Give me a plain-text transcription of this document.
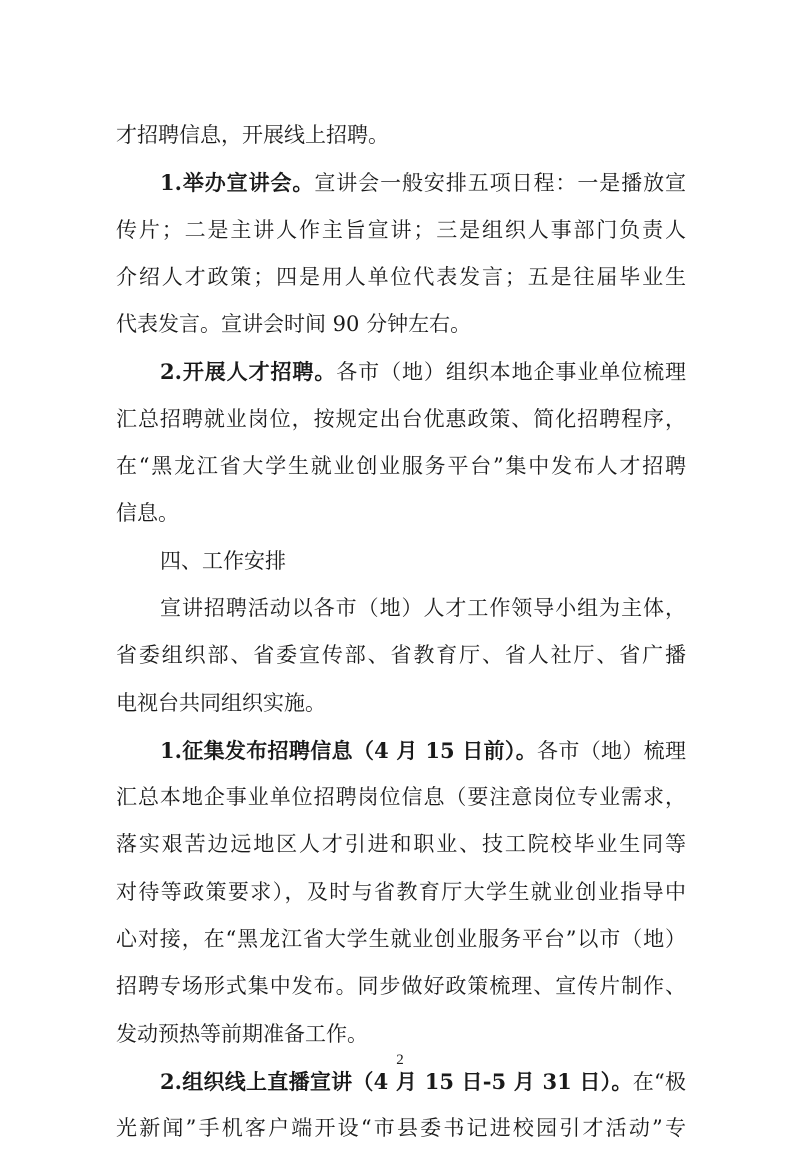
才招聘信息，开展线上招聘。
1.举办宣讲会。宣讲会一般安排五项日程：一是播放宣
传片；二是主讲人作主旨宣讲；三是组织人事部门负责人
介绍人才政策；四是用人单位代表发言；五是往届毕业生
代表发言。宣讲会时间 90 分钟左右。
2.开展人才招聘。各市（地）组织本地企事业单位梳理
汇总招聘就业岗位，按规定出台优惠政策、简化招聘程序，
在“黑龙江省大学生就业创业服务平台”集中发布人才招聘
信息。
四、工作安排
宣讲招聘活动以各市（地）人才工作领导小组为主体，
省委组织部、省委宣传部、省教育厅、省人社厅、省广播
电视台共同组织实施。
1.征集发布招聘信息（4 月 15 日前）。各市（地）梳理
汇总本地企事业单位招聘岗位信息（要注意岗位专业需求，
落实艰苦边远地区人才引进和职业、技工院校毕业生同等
对待等政策要求），及时与省教育厅大学生就业创业指导中
心对接，在“黑龙江省大学生就业创业服务平台”以市（地）
招聘专场形式集中发布。同步做好政策梳理、宣传片制作、
发动预热等前期准备工作。
2.组织线上直播宣讲（4 月 15 日-5 月 31 日）。在“极
光新闻”手机客户端开设“市县委书记进校园引才活动”专
2
